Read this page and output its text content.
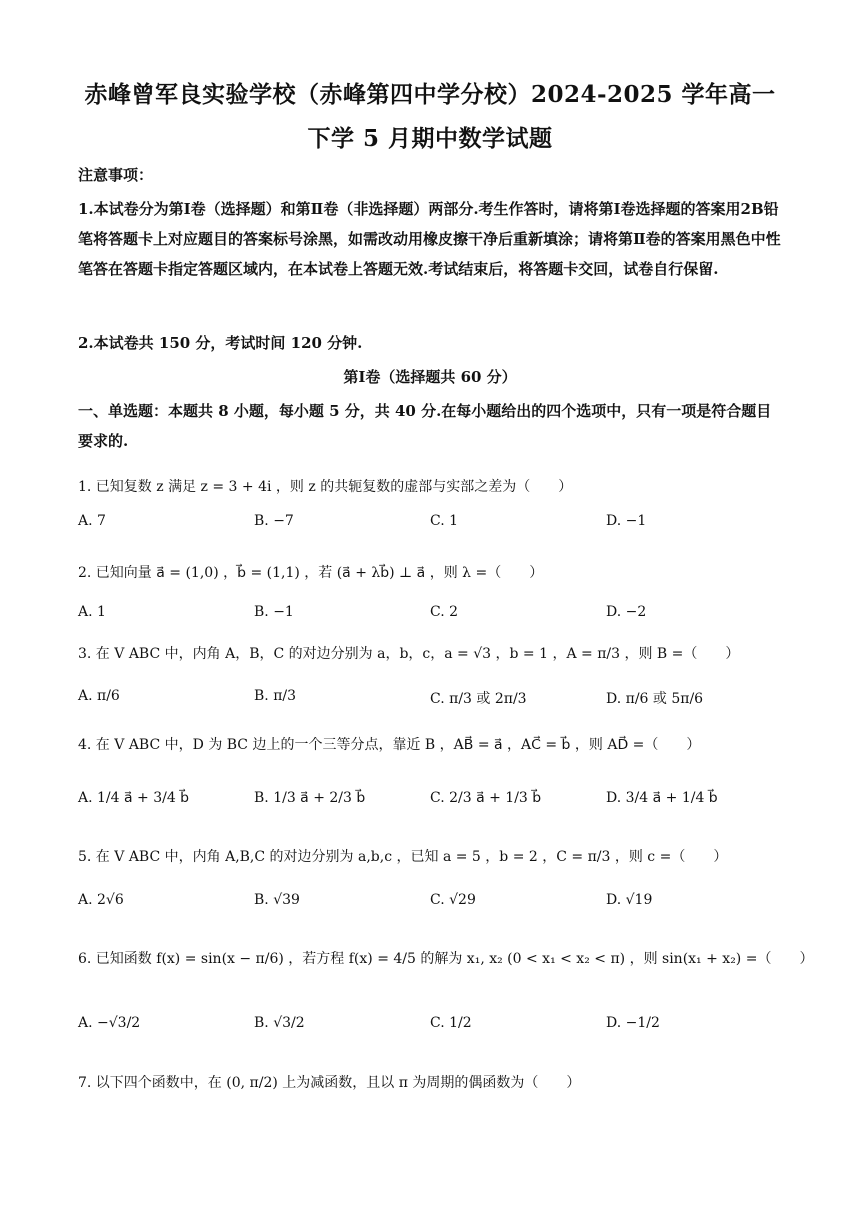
赤峰曾军良实验学校（赤峰第四中学分校）2024-2025 学年高一
下学 5 月期中数学试题
注意事项：
1.本试卷分为第Ⅰ卷（选择题）和第Ⅱ卷（非选择题）两部分.考生作答时，请将第Ⅰ卷选择题的答案用2B铅笔将答题卡上对应题目的答案标号涂黑，如需改动用橡皮擦干净后重新填涂；请将第Ⅱ卷的答案用黑色中性笔答在答题卡指定答题区域内，在本试卷上答题无效.考试结束后，将答题卡交回，试卷自行保留.
2.本试卷共 150 分，考试时间 120 分钟.
第Ⅰ卷（选择题共 60 分）
一、单选题：本题共 8 小题，每小题 5 分，共 40 分.在每小题给出的四个选项中，只有一项是符合题目要求的.
1. 已知复数 z 满足 z = 3 + 4i ，则 z 的共轭复数的虚部与实部之差为（　　）
A. 7	B. −7	C. 1	D. −1
2. 已知向量 a⃗ = (1,0) ，b⃗ = (1,1) ，若 (a⃗ + λb⃗) ⊥ a⃗ ，则 λ =（　　）
A. 1	B. −1	C. 2	D. −2
3. 在 V ABC 中，内角 A，B，C 的对边分别为 a，b，c，a = √3 ，b = 1 ，A = π/3 ，则 B =（　　）
A. π/6	B. π/3	C. π/3 或 2π/3	D. π/6 或 5π/6
4. 在 V ABC 中，D 为 BC 边上的一个三等分点，靠近 B ，AB⃗ = a⃗ ，AC⃗ = b⃗ ，则 AD⃗ =（　　）
A. 1/4 a⃗ + 3/4 b⃗	B. 1/3 a⃗ + 2/3 b⃗	C. 2/3 a⃗ + 1/3 b⃗	D. 3/4 a⃗ + 1/4 b⃗
5. 在 V ABC 中，内角 A,B,C 的对边分别为 a,b,c ，已知 a = 5 ，b = 2 ，C = π/3 ，则 c =（　　）
A. 2√6	B. √39	C. √29	D. √19
6. 已知函数 f(x) = sin(x − π/6) ，若方程 f(x) = 4/5 的解为 x₁, x₂ (0 < x₁ < x₂ < π) ，则 sin(x₁ + x₂) =（　　）
A. −√3/2	B. √3/2	C. 1/2	D. −1/2
7. 以下四个函数中，在 (0, π/2) 上为减函数，且以 π 为周期的偶函数为（　　）
